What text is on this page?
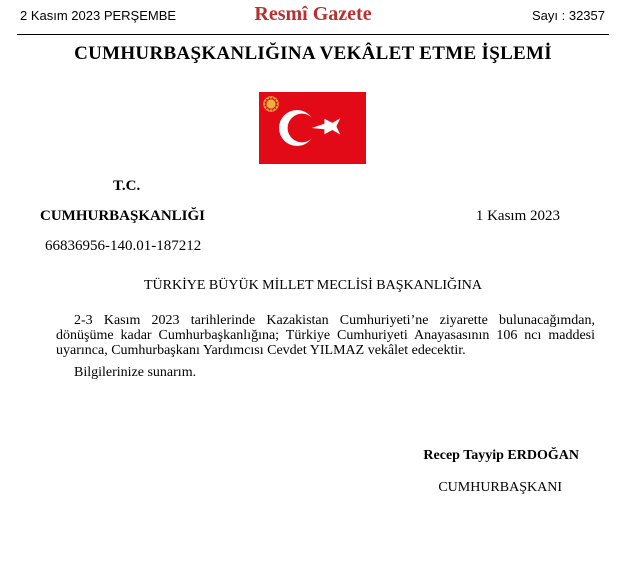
2 Kasım 2023 PERŞEMBE	Resmî Gazete	Sayı : 32357
CUMHURBAŞKANLIĞINA VEKÂLET ETME İŞLEMİ
T.C.
CUMHURBAŞKANLIĞI	1 Kasım 2023
66836956-140.01-187212
TÜRKİYE BÜYÜK MİLLET MECLİSİ BAŞKANLIĞINA
2-3 Kasım 2023 tarihlerinde Kazakistan Cumhuriyeti’ne ziyarette bulunacağımdan,
dönüşüme kadar Cumhurbaşkanlığına; Türkiye Cumhuriyeti Anayasasının 106 ncı maddesi
uyarınca, Cumhurbaşkanı Yardımcısı Cevdet YILMAZ vekâlet edecektir.
Bilgilerinize sunarım.
Recep Tayyip ERDOĞAN
CUMHURBAŞKANI
